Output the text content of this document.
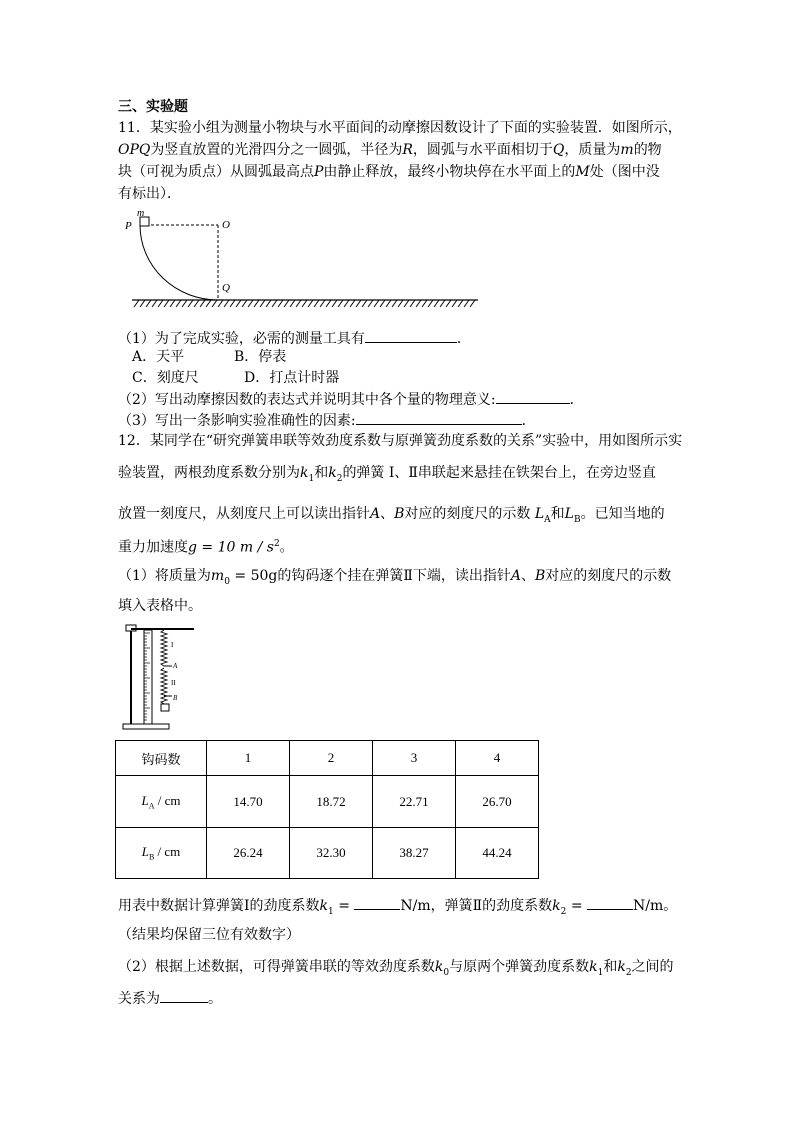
三、实验题
11．某实验小组为测量小物块与水平面间的动摩擦因数设计了下面的实验装置．如图所示，
OPQ为竖直放置的光滑四分之一圆弧，半径为R，圆弧与水平面相切于Q，质量为m的物
块（可视为质点）从圆弧最高点P由静止释放，最终小物块停在水平面上的M处（图中没
有标出）．
m
P	O
Q
（1）为了完成实验，必需的测量工具有	．
A．天平	B．停表
C．刻度尺	D．打点计时器
（2）写出动摩擦因数的表达式并说明其中各个量的物理意义:	．
（3）写出一条影响实验准确性的因素:	．
12．某同学在“研究弹簧串联等效劲度系数与原弹簧劲度系数的关系”实验中，用如图所示实
验装置，两根劲度系数分别为$k_1$和$k_2$的弹簧 Ⅰ、Ⅱ串联起来悬挂在铁架台上，在旁边竖直
放置一刻度尺，从刻度尺上可以读出指针A、B对应的刻度尺的示数 $L_A$和$L_B$。已知当地的
重力加速度g = 10 m / $s^2$。
（1）将质量为$m_0 = 50g$的钩码逐个挂在弹簧Ⅱ下端，读出指针A、B对应的刻度尺的示数
填入表格中。
I
A
II
B
钩码数	1	2	3	4
$L_A$ / cm	14.70	18.72	22.71	26.70
$L_B$ / cm	26.24	32.30	38.27	44.24
用表中数据计算弹簧Ⅰ的劲度系数$k_1$ =	N/m，弹簧Ⅱ的劲度系数$k_2$ =	N/m。
（结果均保留三位有效数字）
（2）根据上述数据，可得弹簧串联的等效劲度系数$k_0$与原两个弹簧劲度系数$k_1$和$k_2$之间的
关系为	。
